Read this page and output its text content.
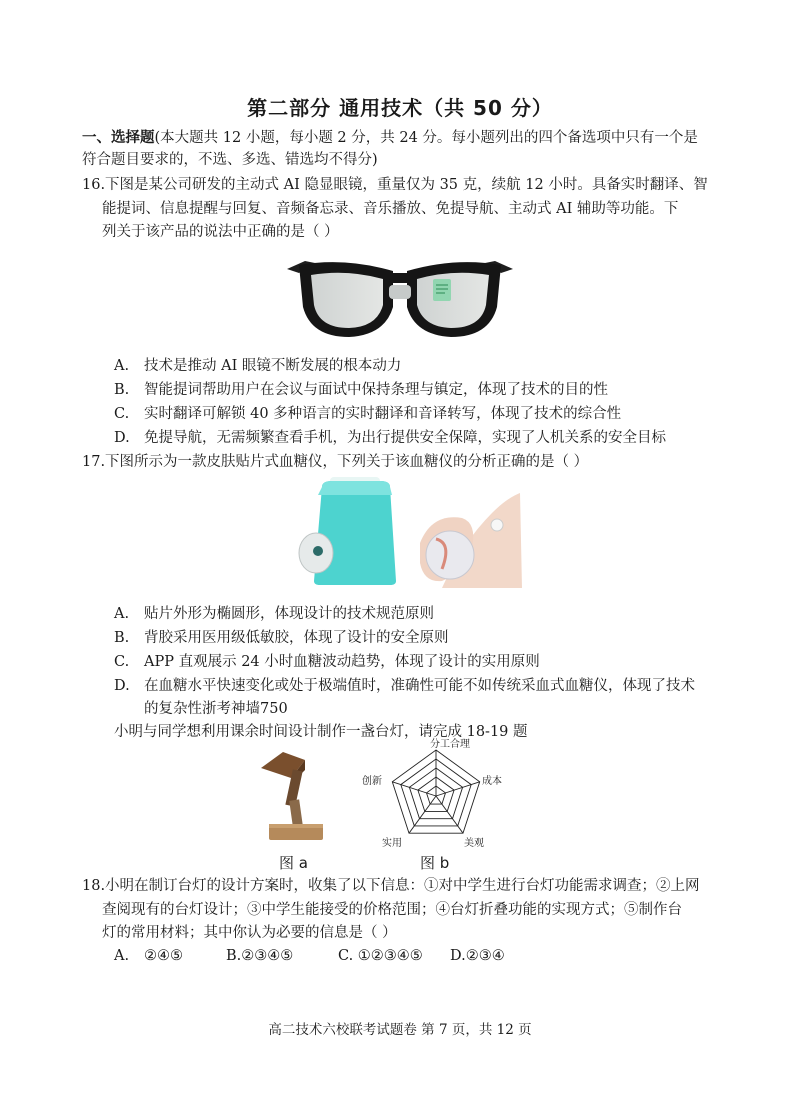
第二部分 通用技术（共 50 分）
一、选择题(本大题共 12 小题，每小题 2 分，共 24 分。每小题列出的四个备选项中只有一个是
符合题目要求的，不选、多选、错选均不得分)
16.下图是某公司研发的主动式 AI 隐显眼镜，重量仅为 35 克，续航 12 小时。具备实时翻译、智
能提词、信息提醒与回复、音频备忘录、音乐播放、免提导航、主动式 AI 辅助等功能。下
列关于该产品的说法中正确的是（ ）
A. 技术是推动 AI 眼镜不断发展的根本动力
B. 智能提词帮助用户在会议与面试中保持条理与镇定，体现了技术的目的性
C. 实时翻译可解锁 40 多种语言的实时翻译和音译转写，体现了技术的综合性
D. 免提导航，无需频繁查看手机，为出行提供安全保障，实现了人机关系的安全目标
17.下图所示为一款皮肤贴片式血糖仪，下列关于该血糖仪的分析正确的是（ ）
A. 贴片外形为椭圆形，体现设计的技术规范原则
B. 背胶采用医用级低敏胶，体现了设计的安全原则
C. APP 直观展示 24 小时血糖波动趋势，体现了设计的实用原则
D. 在血糖水平快速变化或处于极端值时，准确性可能不如传统采血式血糖仪，体现了技术
的复杂性浙考神墙750
小明与同学想利用课余时间设计制作一盏台灯，请完成 18-19 题
图 a
分工合理
成本
美观
实用
创新
图 b
18.小明在制订台灯的设计方案时，收集了以下信息：①对中学生进行台灯功能需求调查；②上网
查阅现有的台灯设计；③中学生能接受的价格范围；④台灯折叠功能的实现方式；⑤制作台
灯的常用材料；其中你认为必要的信息是（ ）
A. ②④⑤	B.②③④⑤	C. ①②③④⑤ D.②③④
高二技术六校联考试题卷 第 7 页，共 12 页
